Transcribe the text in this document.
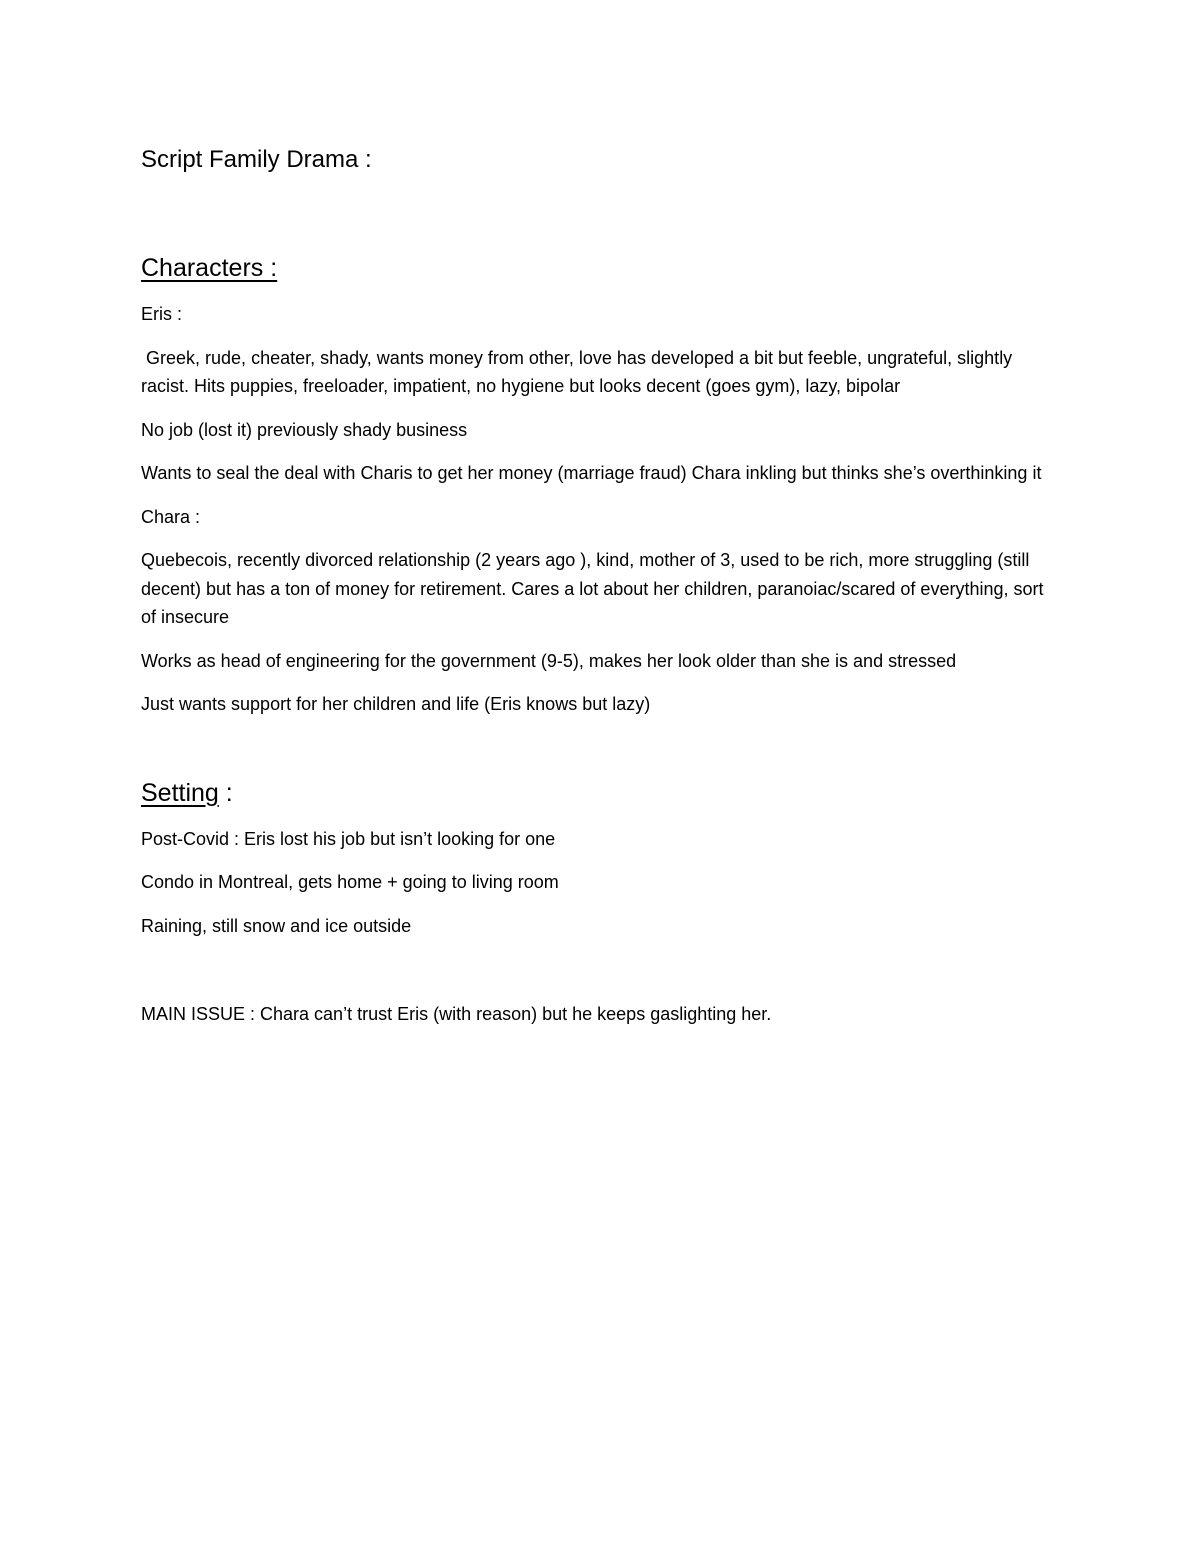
Script Family Drama :
Characters :

Eris :

Greek, rude, cheater, shady, wants money from other, love has developed a bit but feeble, ungrateful, slightly racist. Hits puppies, freeloader, impatient, no hygiene but looks decent (goes gym), lazy, bipolar

No job (lost it) previously shady business

Wants to seal the deal with Charis to get her money (marriage fraud) Chara inkling but thinks she’s overthinking it

Chara :

Quebecois, recently divorced relationship (2 years ago ), kind, mother of 3, used to be rich, more struggling (still decent) but has a ton of money for retirement. Cares a lot about her children, paranoiac/scared of everything, sort of insecure

Works as head of engineering for the government (9-5), makes her look older than she is and stressed

Just wants support for her children and life (Eris knows but lazy)

Setting :

Post-Covid : Eris lost his job but isn’t looking for one

Condo in Montreal, gets home + going to living room

Raining, still snow and ice outside

MAIN ISSUE : Chara can’t trust Eris (with reason) but he keeps gaslighting her.
